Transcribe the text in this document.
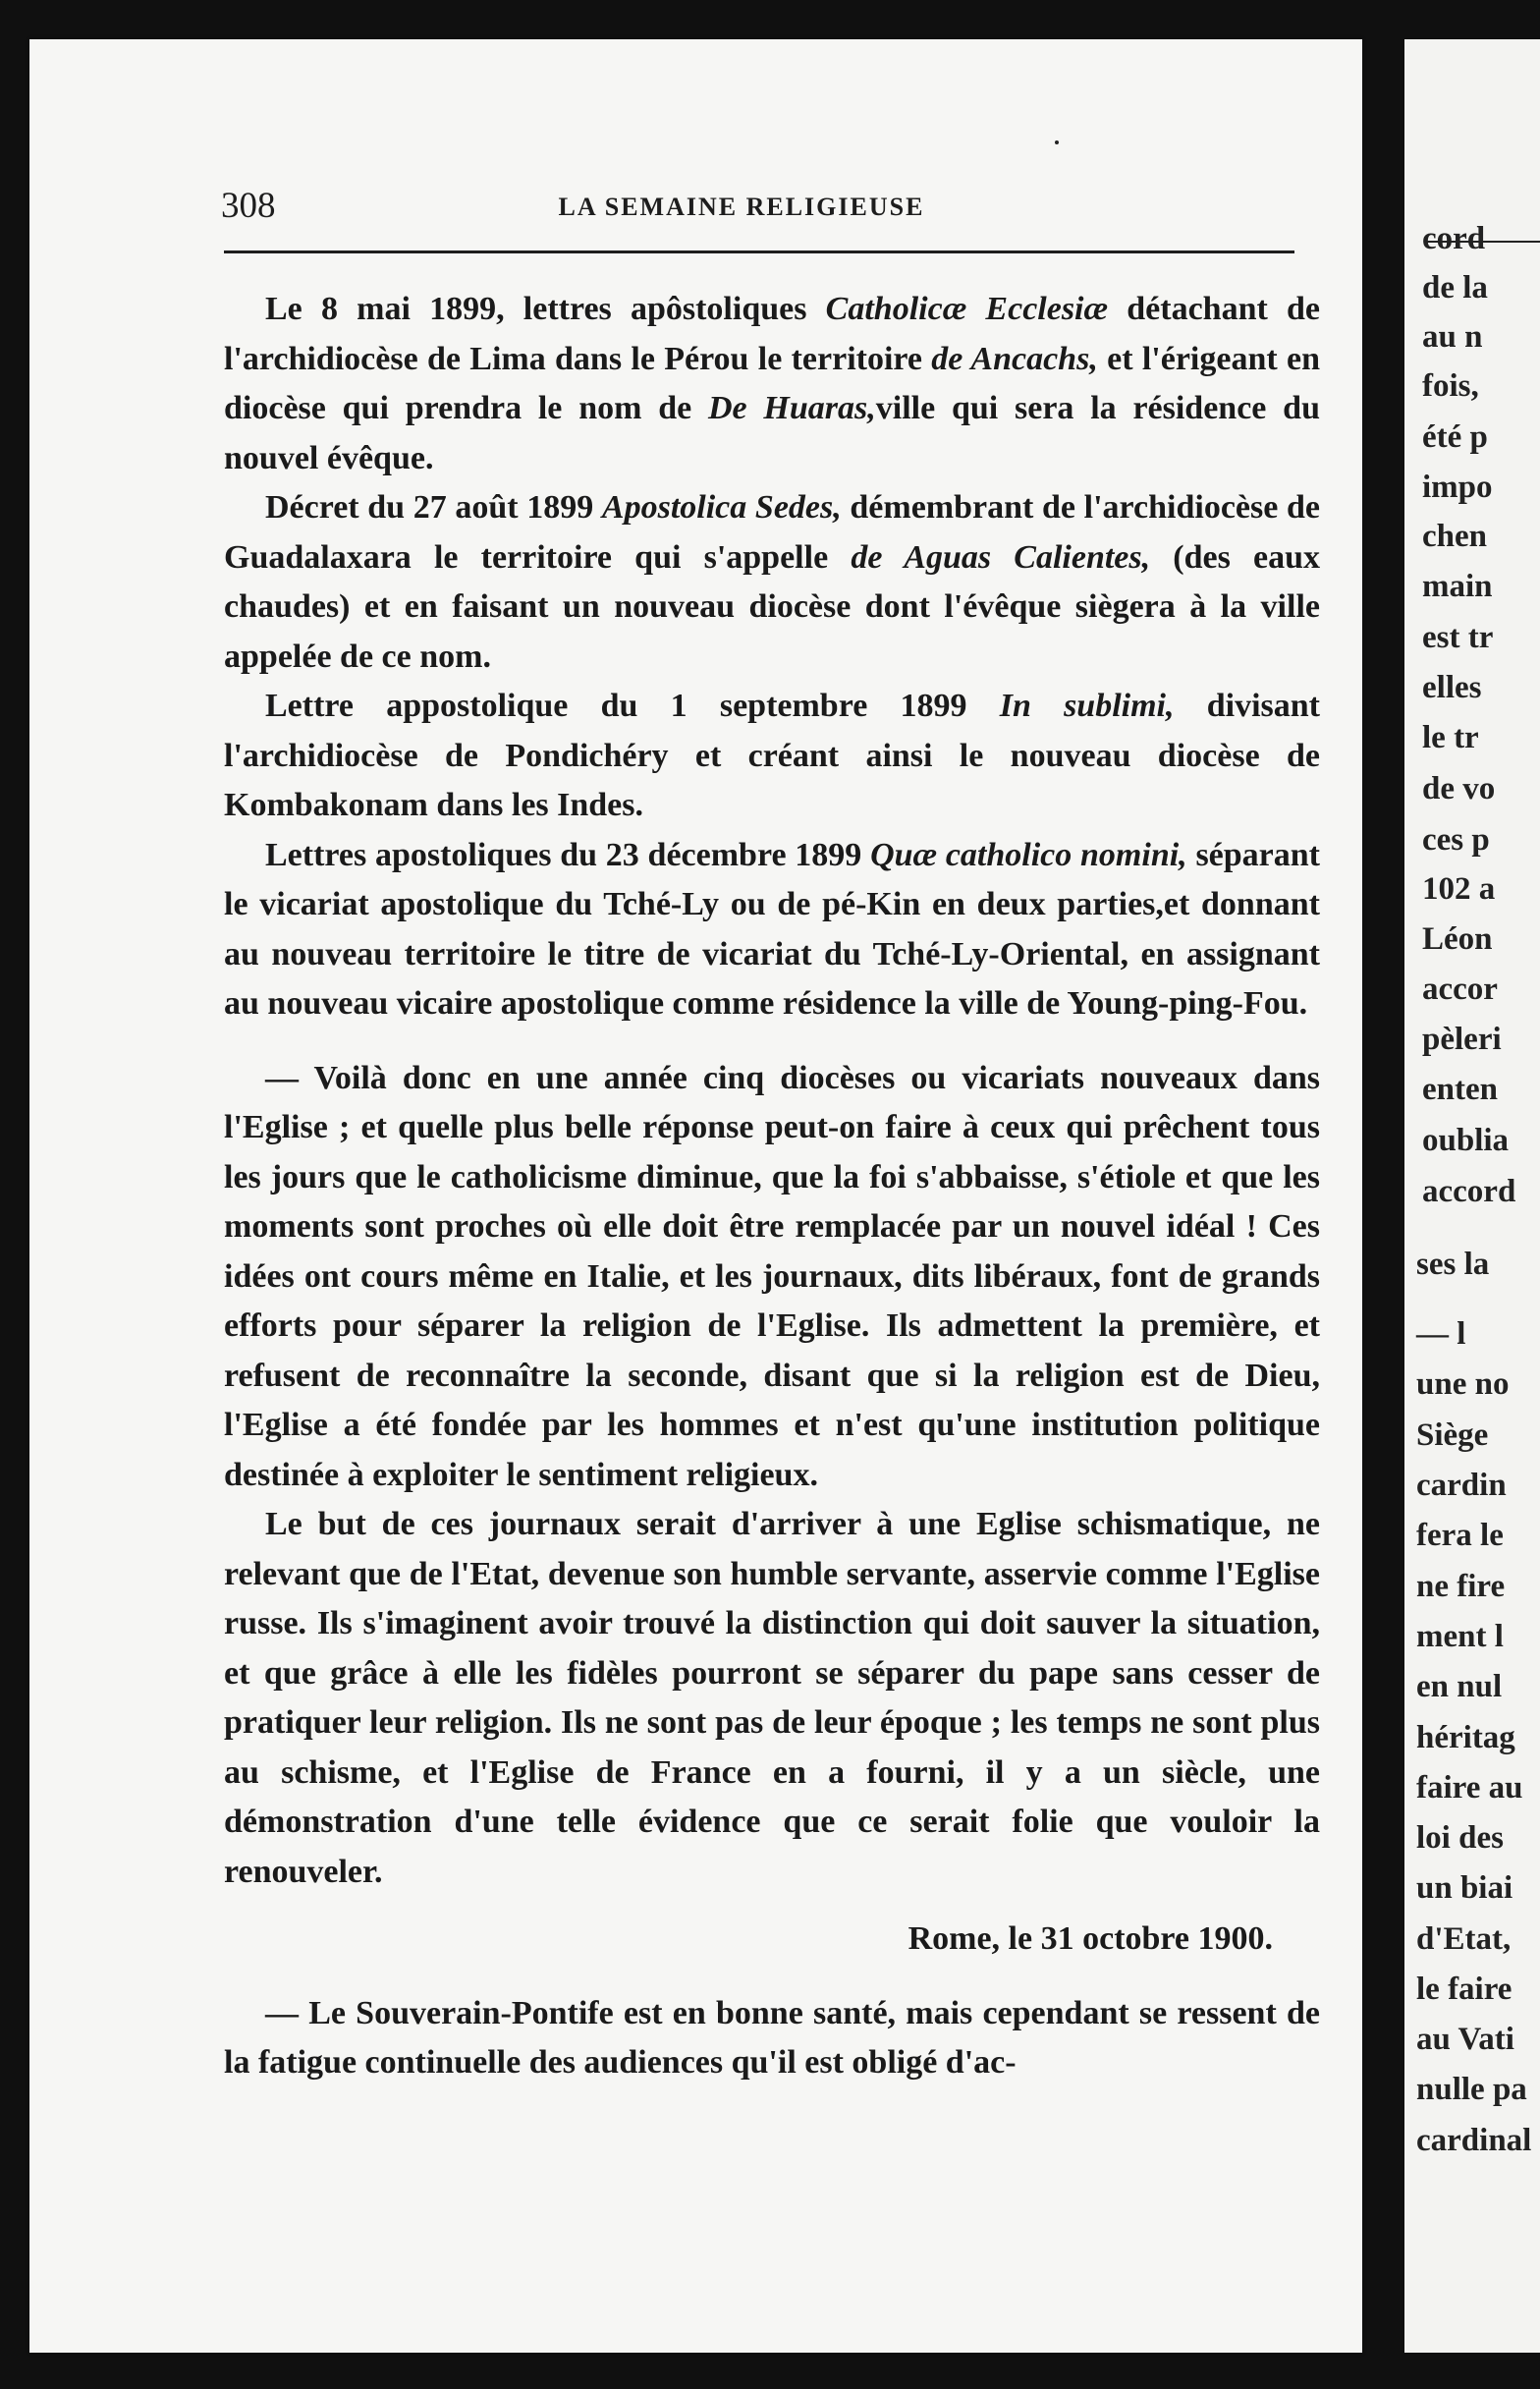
308	LA SEMAINE RELIGIEUSE

Le 8 mai 1899, lettres apôstoliques Catholicæ Ecclesiæ détachant de l'archidiocèse de Lima dans le Pérou le territoire de Ancachs, et l'érigeant en diocèse qui prendra le nom de De Huaras,ville qui sera la résidence du nouvel évêque.

Décret du 27 août 1899 Apostolica Sedes, démembrant de l'archidiocèse de Guadalaxara le territoire qui s'appelle de Aguas Calientes, (des eaux chaudes) et en faisant un nouveau diocèse dont l'évêque siègera à la ville appelée de ce nom.

Lettre appostolique du 1 septembre 1899 In sublimi, divisant l'archidiocèse de Pondichéry et créant ainsi le nouveau diocèse de Kombakonam dans les Indes.

Lettres apostoliques du 23 décembre 1899 Quæ catholico nomini, séparant le vicariat apostolique du Tché-Ly ou de pé-Kin en deux parties,et donnant au nouveau territoire le titre de vicariat du Tché-Ly-Oriental, en assignant au nouveau vicaire apostolique comme résidence la ville de Young-ping-Fou.

— Voilà donc en une année cinq diocèses ou vicariats nouveaux dans l'Eglise ; et quelle plus belle réponse peut-on faire à ceux qui prêchent tous les jours que le catholicisme diminue, que la foi s'abbaisse, s'étiole et que les moments sont proches où elle doit être remplacée par un nouvel idéal ! Ces idées ont cours même en Italie, et les journaux, dits libéraux, font de grands efforts pour séparer la religion de l'Eglise. Ils admettent la première, et refusent de reconnaître la seconde, disant que si la religion est de Dieu, l'Eglise a été fondée par les hommes et n'est qu'une institution politique destinée à exploiter le sentiment religieux.

Le but de ces journaux serait d'arriver à une Eglise schismatique, ne relevant que de l'Etat, devenue son humble servante, asservie comme l'Eglise russe. Ils s'imaginent avoir trouvé la distinction qui doit sauver la situation, et que grâce à elle les fidèles pourront se séparer du pape sans cesser de pratiquer leur religion. Ils ne sont pas de leur époque ; les temps ne sont plus au schisme, et l'Eglise de France en a fourni, il y a un siècle, une démonstration d'une telle évidence que ce serait folie que vouloir la renouveler.

Rome, le 31 octobre 1900.

— Le Souverain-Pontife est en bonne santé, mais cependant se ressent de la fatigue continuelle des audiences qu'il est obligé d'ac-

cord
de la
au n
fois,
été p
impo
chen
main
est tr
elles
le tr
de vo
ces p
102 a
Léon
accor
pèleri
enten
oublia
accord
ses la
— l
une no
Siège
cardin
fera le
ne fire
ment l
en nul
héritag
faire au
loi des
un biai
d'Etat,
le faire
au Vati
nulle pa
cardinal
